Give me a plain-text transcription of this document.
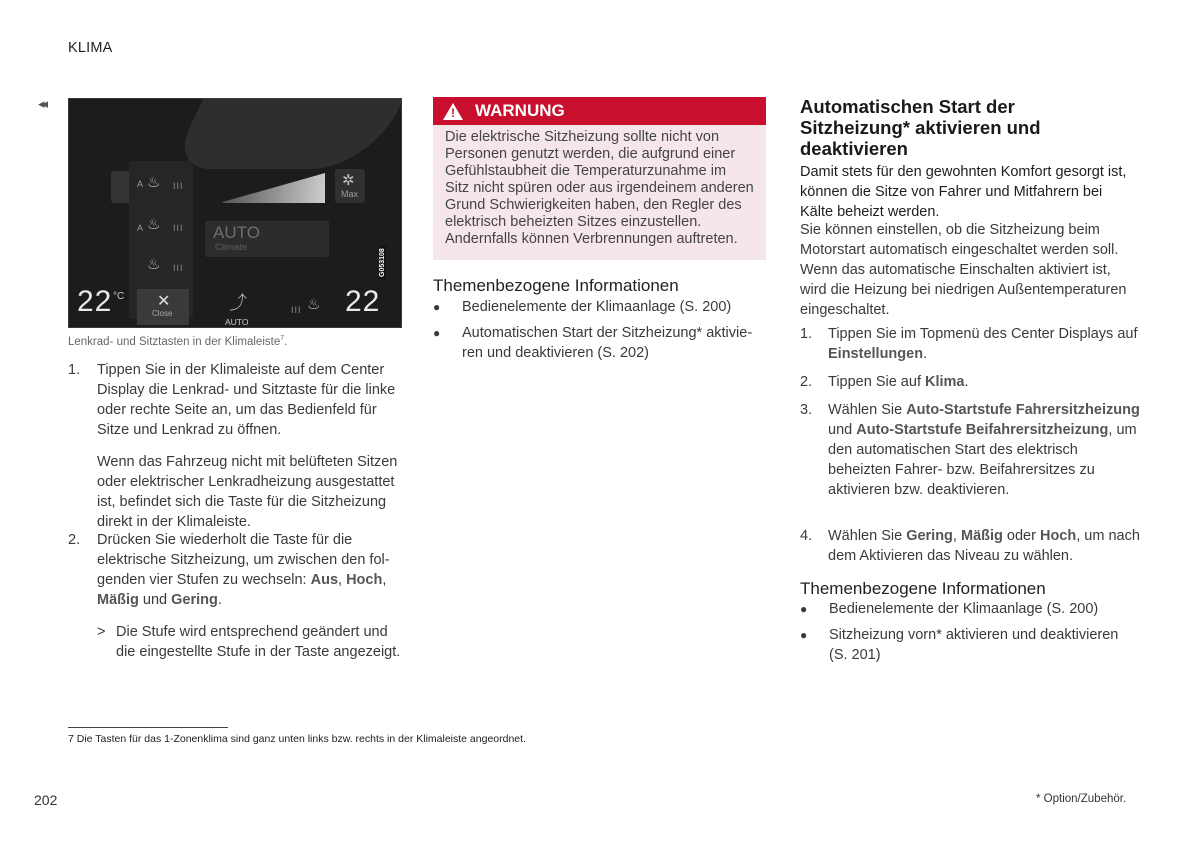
KLIMA
◂◂
✲
Max
A ♨ III
A ♨ III
♨ III
AUTO
Climate
22 °C ✕
Close
⤴
AUTO
III ♨ 22
G053108
Lenkrad- und Sitztasten in der Klimaleiste$^7$.
1. Tippen Sie in der Klimaleiste auf dem Center Display die Lenkrad- und Sitztaste für die linke oder rechte Seite an, um das Bedienfeld für Sitze und Lenkrad zu öffnen.
Wenn das Fahrzeug nicht mit belüfteten Sitzen oder elektrischer Lenkradheizung ausgestattet ist, befindet sich die Taste für die Sitzheizung direkt in der Klimaleiste.
2. Drücken Sie wiederholt die Taste für die elektrische Sitzheizung, um zwischen den folgenden vier Stufen zu wechseln: Aus, Hoch, Mäßig und Gering.
> Die Stufe wird entsprechend geändert und die eingestellte Stufe in der Taste angezeigt.
! WARNUNG
Die elektrische Sitzheizung sollte nicht von Personen genutzt werden, die aufgrund einer Gefühlstaubheit die Temperaturzunahme im Sitz nicht spüren oder aus irgendeinem anderen Grund Schwierigkeiten haben, den Regler des elektrisch beheizten Sitzes einzustellen. Andernfalls können Verbrennungen auftreten.
Themenbezogene Informationen
● Bedienelemente der Klimaanlage (S. 200)
● Automatischen Start der Sitzheizung* aktivieren und deaktivieren (S. 202)
Automatischen Start der Sitzheizung* aktivieren und deaktivieren
Damit stets für den gewohnten Komfort gesorgt ist, können die Sitze von Fahrer und Mitfahrern bei Kälte beheizt werden.
Sie können einstellen, ob die Sitzheizung beim Motorstart automatisch eingeschaltet werden soll. Wenn das automatische Einschalten aktiviert ist, wird die Heizung bei niedrigen Außentemperaturen eingeschaltet.
1. Tippen Sie im Topmenü des Center Displays auf Einstellungen.
2. Tippen Sie auf Klima.
3. Wählen Sie Auto-Startstufe Fahrersitzheizung und Auto-Startstufe Beifahrersitzheizung, um den automatischen Start des elektrisch beheizten Fahrer- bzw. Beifahrersitzes zu aktivieren bzw. deaktivieren.
4. Wählen Sie Gering, Mäßig oder Hoch, um nach dem Aktivieren das Niveau zu wählen.
Themenbezogene Informationen
● Bedienelemente der Klimaanlage (S. 200)
● Sitzheizung vorn* aktivieren und deaktivieren (S. 201)
7 Die Tasten für das 1-Zonenklima sind ganz unten links bzw. rechts in der Klimaleiste angeordnet.
202	* Option/Zubehör.
